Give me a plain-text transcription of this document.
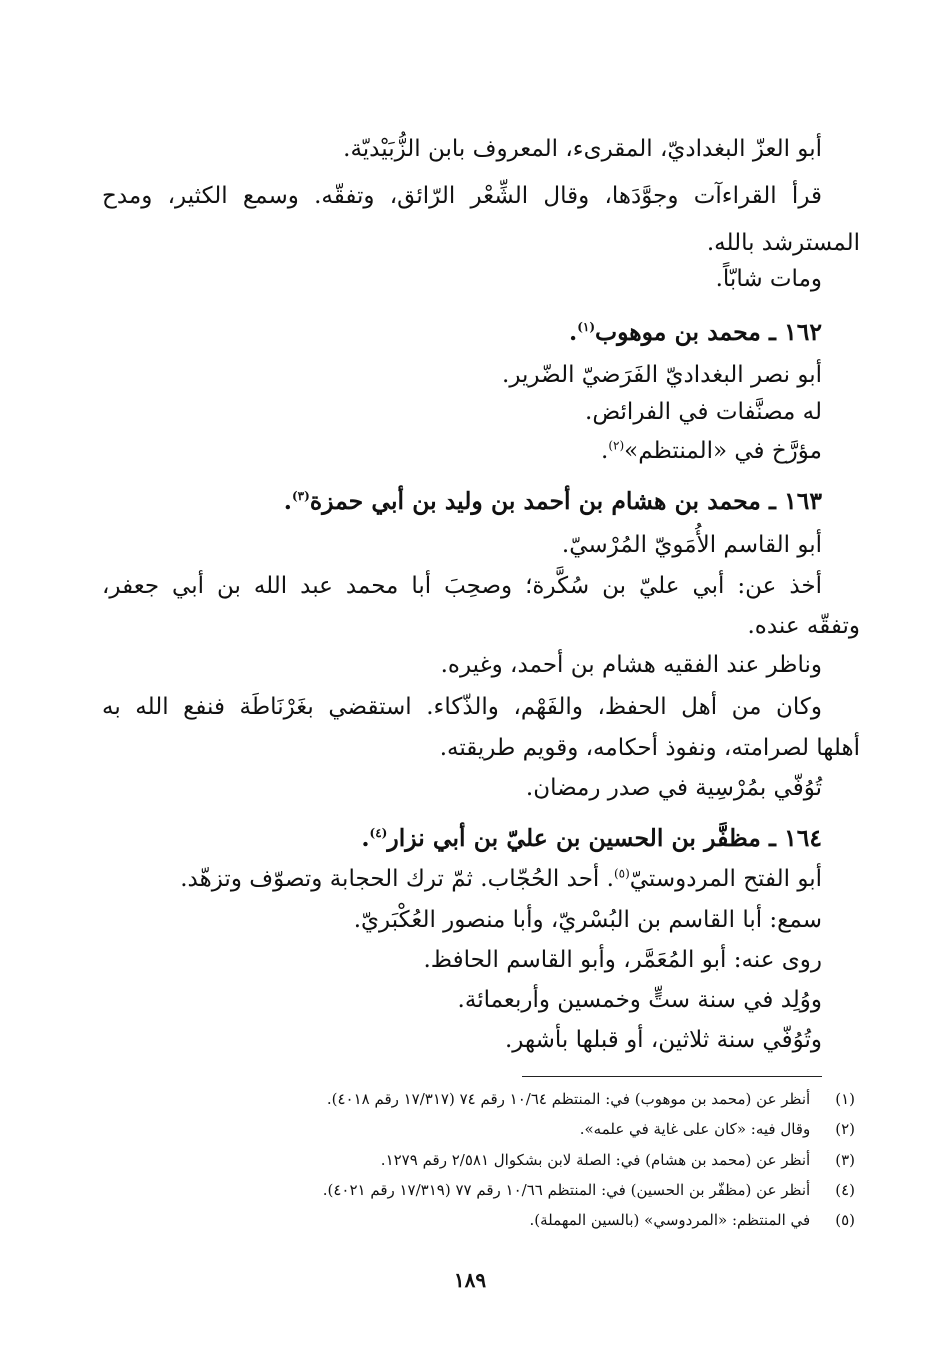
أبو العزّ البغداديّ، المقرىء، المعروف بابن الزُّبَيْديّة.
قرأ القراءآت وجوَّدَها، وقال الشِّعْر الرّائق، وتفقّه. وسمع الكثير، ومدح
المسترشد بالله.
ومات شابّاً.
١٦٢ ـ محمد بن موهوب$^{(١)}$.
أبو نصر البغداديّ الفَرَضيّ الضّرير.
له مصنَّفات في الفرائض.
مؤرَّخ في «المنتظم»$^{(٢)}$.
١٦٣ ـ محمد بن هشام بن أحمد بن وليد بن أبي حمزة$^{(٣)}$.
أبو القاسم الأُمَويّ المُرْسيّ.
أخذ عن: أبي عليّ بن سُكَّرة؛ وصحِبَ أبا محمد عبد الله بن أبي جعفر،
وتفقّه عنده.
وناظر عند الفقيه هشام بن أحمد، وغيره.
وكان من أهل الحفظ، والفَهْم، والذّكاء. استقضي بغَرْنَاطَة فنفع الله به
أهلها لصرامته، ونفوذ أحكامه، وقويم طريقته.
تُوُفّي بمُرْسِية في صدر رمضان.
١٦٤ ـ مظفَّر بن الحسين بن عليّ بن أبي نزار$^{(٤)}$.
أبو الفتح المردوستيّ$^{(٥)}$. أحد الحُجّاب. ثمّ ترك الحجابة وتصوّف وتزهّد.
سمع: أبا القاسم بن البُسْريّ، وأبا منصور العُكْبَريّ.
روى عنه: أبو المُعَمَّر، وأبو القاسم الحافظ.
ووُلِد في سنة ستٍّ وخمسين وأربعمائة.
وتُوُفّي سنة ثلاثين، أو قبلها بأشهر.
(١) أنظر عن (محمد بن موهوب) في: المنتظم ١٠/٦٤ رقم ٧٤ (١٧/٣١٧ رقم ٤٠١٨).
(٢) وقال فيه: «كان على غاية في علمه».
(٣) أنظر عن (محمد بن هشام) في: الصلة لابن بشكوال ٢/٥٨١ رقم ١٢٧٩.
(٤) أنظر عن (مظفّر بن الحسين) في: المنتظم ١٠/٦٦ رقم ٧٧ (١٧/٣١٩ رقم ٤٠٢١).
(٥) في المنتظم: «المردوسي» (بالسين المهملة).
١٨٩
